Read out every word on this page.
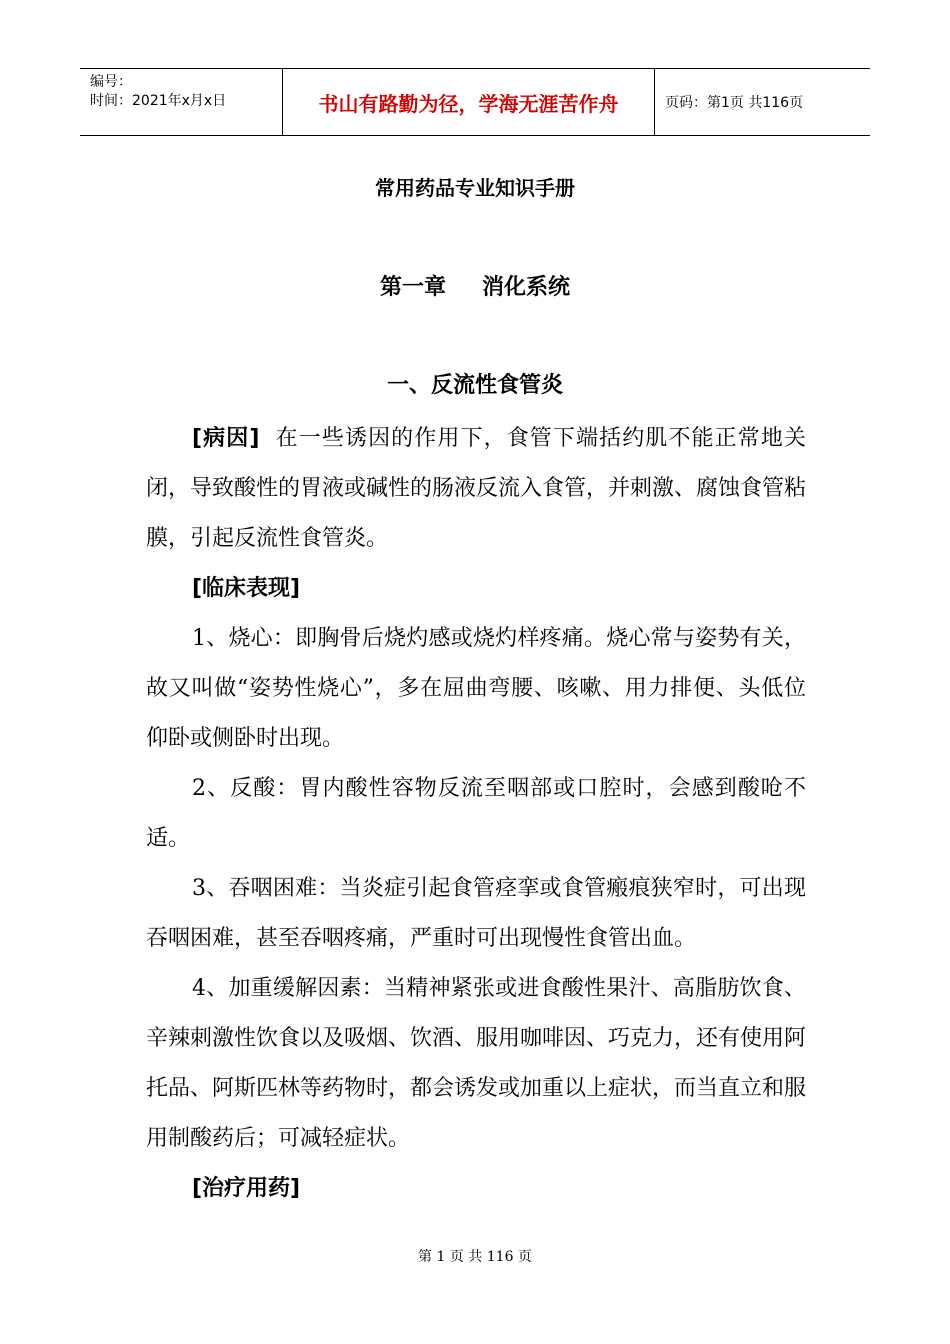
编号：
时间：2021年x月x日	书山有路勤为径，学海无涯苦作舟	页码：第1页 共116页
常用药品专业知识手册
第一章 消化系统
一、反流性食管炎

[病因] 在一些诱因的作用下，食管下端括约肌不能正常地关闭，导致酸性的胃液或碱性的肠液反流入食管，并刺激、腐蚀食管粘膜，引起反流性食管炎。

[临床表现]

1、烧心：即胸骨后烧灼感或烧灼样疼痛。烧心常与姿势有关，故又叫做“姿势性烧心”，多在屈曲弯腰、咳嗽、用力排便、头低位仰卧或侧卧时出现。

2、反酸：胃内酸性容物反流至咽部或口腔时，会感到酸呛不适。

3、吞咽困难：当炎症引起食管痉挛或食管瘢痕狭窄时，可出现吞咽困难，甚至吞咽疼痛，严重时可出现慢性食管出血。

4、加重缓解因素：当精神紧张或进食酸性果汁、高脂肪饮食、辛辣刺激性饮食以及吸烟、饮酒、服用咖啡因、巧克力，还有使用阿托品、阿斯匹林等药物时，都会诱发或加重以上症状，而当直立和服用制酸药后；可减轻症状。

[治疗用药]

第 1 页 共 116 页
